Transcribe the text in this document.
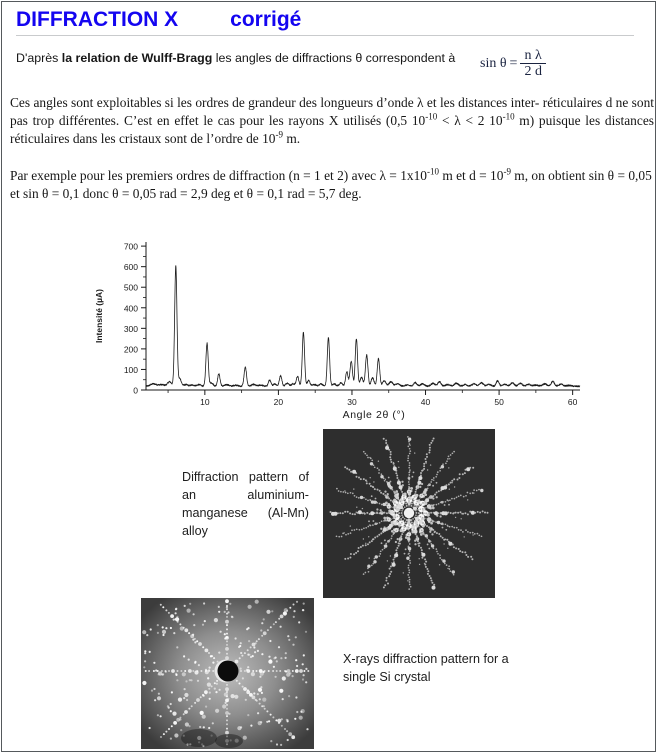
DIFFRACTION X corrigé
D'après la relation de Wulff-Bragg les angles de diffractions θ correspondent à	$\sin \theta = \frac{\text{n λ}}{2 d}$
Ces angles sont exploitables si les ordres de grandeur des longueurs d’onde λ et les distances inter- réticulaires d ne sont pas trop différentes. C’est en effet le cas pour les rayons X utilisés (0,5 $10^{-10} < \lambda < 2$ $10^{-10}$ m) puisque les distances réticulaires dans les cristaux sont de l’ordre de $10^{-9}$ m.
Par exemple pour les premiers ordres de diffraction (n = 1 et 2) avec $\lambda = 1x10^{-10}$ m et $d = 10^{-9}$ m, on obtient sin θ = 0,05 et sin θ = 0,1 donc θ = 0,05 rad = 2,9 deg et θ = 0,1 rad = 5,7 deg.
0
100
200
300
400
500
600
700
10	20	30	40	50	60
Angle 2θ (°)
Intensité (µA)
Diffraction pattern of an aluminium-manganese (Al-Mn) alloy
X-rays diffraction pattern for a single Si crystal
